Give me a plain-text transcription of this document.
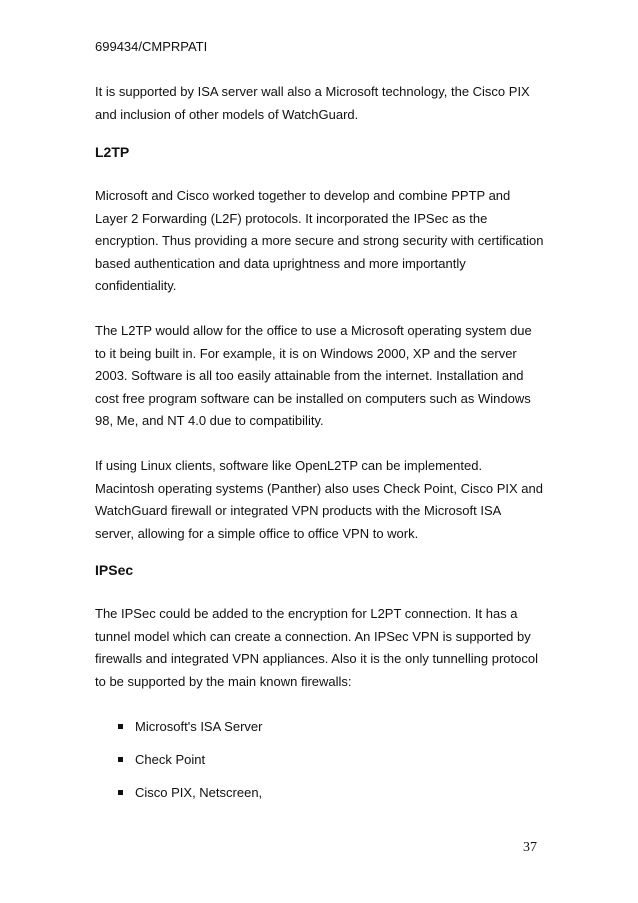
699434/CMPRPATI

It is supported by ISA server wall also a Microsoft technology, the Cisco PIX
and inclusion of other models of WatchGuard.

L2TP

Microsoft and Cisco worked together to develop and combine PPTP and
Layer 2 Forwarding (L2F) protocols. It incorporated the IPSec as the
encryption. Thus providing a more secure and strong security with certification
based authentication and data uprightness and more importantly
confidentiality.

The L2TP would allow for the office to use a Microsoft operating system due
to it being built in. For example, it is on Windows 2000, XP and the server
2003. Software is all too easily attainable from the internet. Installation and
cost free program software can be installed on computers such as Windows
98, Me, and NT 4.0 due to compatibility.

If using Linux clients, software like OpenL2TP can be implemented.
Macintosh operating systems (Panther) also uses Check Point, Cisco PIX and
WatchGuard firewall or integrated VPN products with the Microsoft ISA
server, allowing for a simple office to office VPN to work.

IPSec

The IPSec could be added to the encryption for L2PT connection. It has a
tunnel model which can create a connection. An IPSec VPN is supported by
firewalls and integrated VPN appliances. Also it is the only tunnelling protocol
to be supported by the main known firewalls:

Microsoft's ISA Server
Check Point
Cisco PIX, Netscreen,

37
